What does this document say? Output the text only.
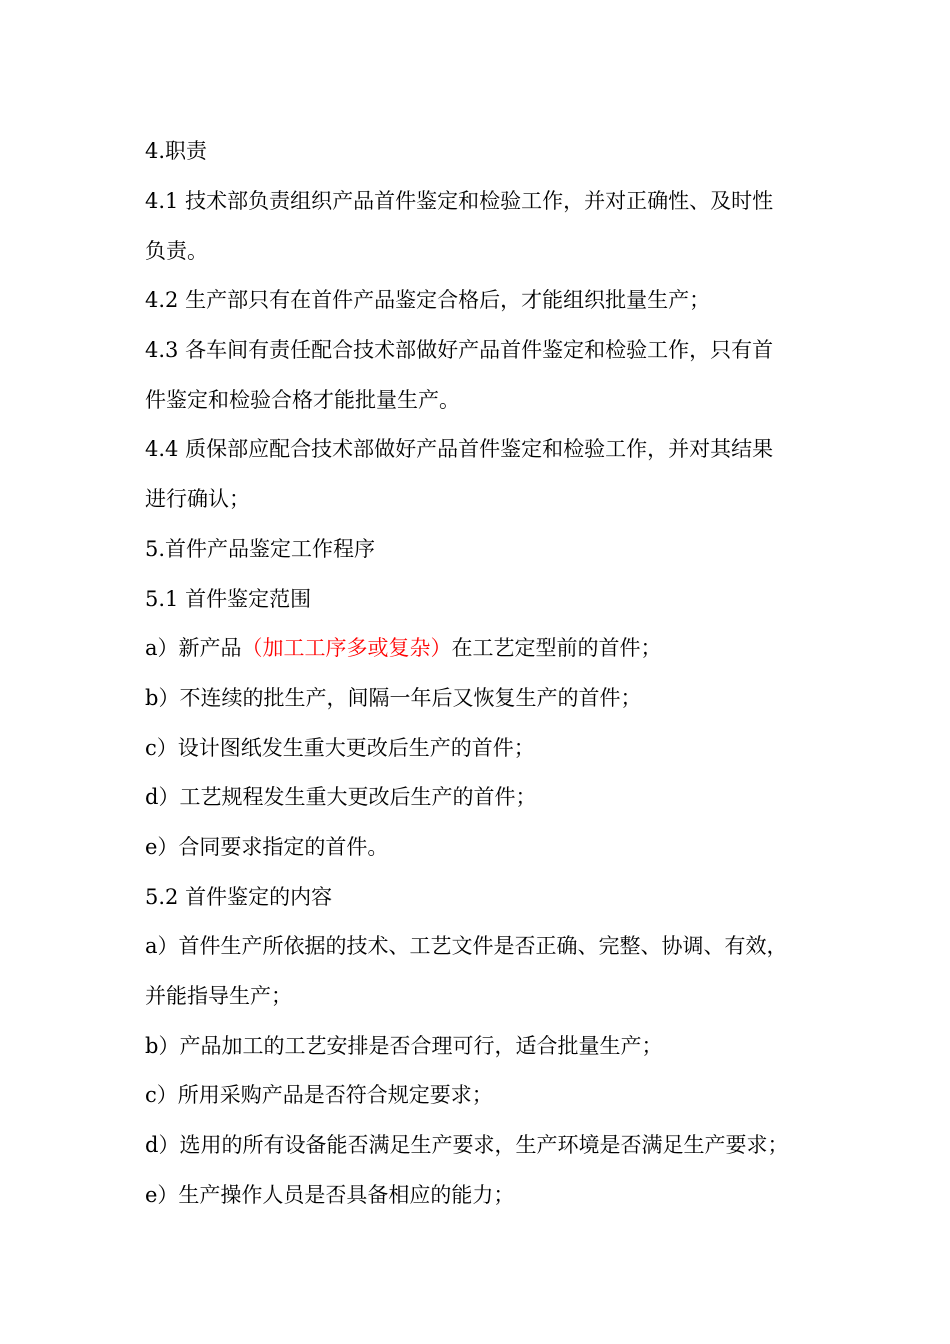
4.职责
4.1 技术部负责组织产品首件鉴定和检验工作，并对正确性、及时性
负责。
4.2 生产部只有在首件产品鉴定合格后，才能组织批量生产；
4.3 各车间有责任配合技术部做好产品首件鉴定和检验工作，只有首
件鉴定和检验合格才能批量生产。
4.4 质保部应配合技术部做好产品首件鉴定和检验工作，并对其结果
进行确认；
5.首件产品鉴定工作程序
5.1 首件鉴定范围
a）新产品（加工工序多或复杂）在工艺定型前的首件；
b）不连续的批生产，间隔一年后又恢复生产的首件；
c）设计图纸发生重大更改后生产的首件；
d）工艺规程发生重大更改后生产的首件；
e）合同要求指定的首件。
5.2 首件鉴定的内容
a）首件生产所依据的技术、工艺文件是否正确、完整、协调、有效，
并能指导生产；
b）产品加工的工艺安排是否合理可行，适合批量生产；
c）所用采购产品是否符合规定要求；
d）选用的所有设备能否满足生产要求，生产环境是否满足生产要求；
e）生产操作人员是否具备相应的能力；
